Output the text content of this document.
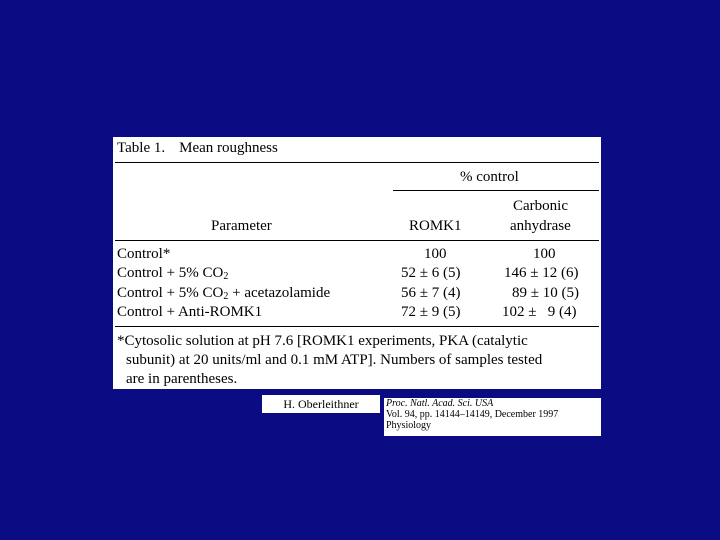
Table 1. Mean roughness
% control
Carbonic
Parameter	ROMK1	anhydrase
Control*	100	100
Control + 5% $CO_2$	52 ± 6 (5)	146 ± 12 (6)
Control + 5% $CO_2$ + acetazolamide	56 ± 7 (4)	89 ± 10 (5)
Control + Anti-ROMK1	72 ± 9 (5)	102 ±   9 (4)
*Cytosolic solution at pH 7.6 [ROMK1 experiments, PKA (catalytic
subunit) at 20 units/ml and 0.1 mM ATP]. Numbers of samples tested
are in parentheses.
H. Oberleithner	Proc. Natl. Acad. Sci. USA
Vol. 94, pp. 14144–14149, December 1997
Physiology
